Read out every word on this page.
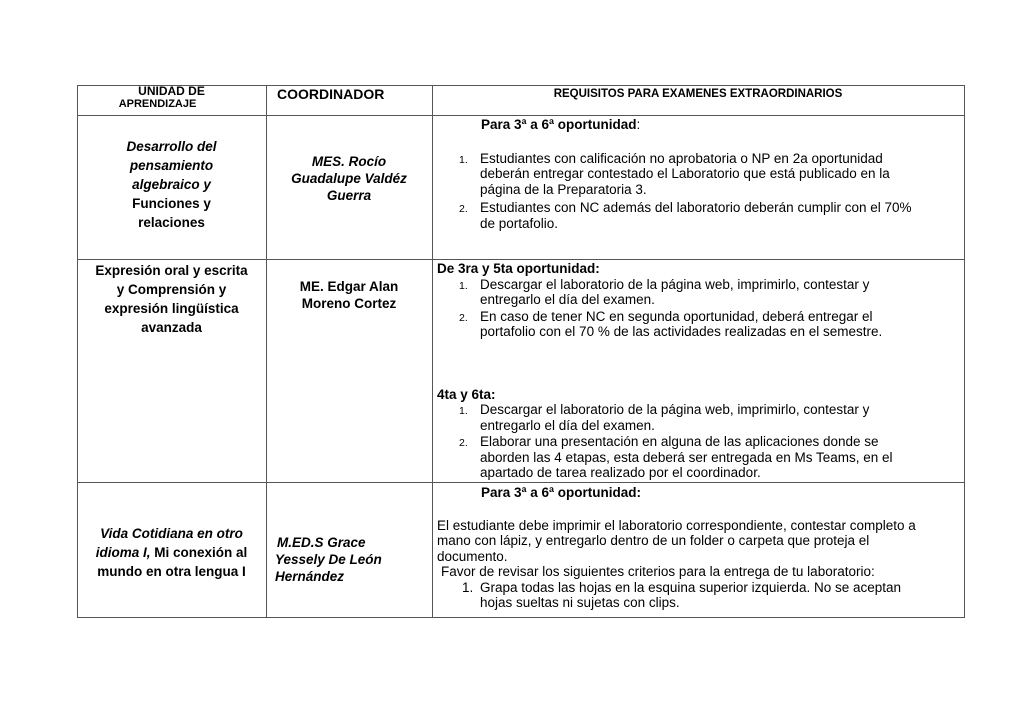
UNIDAD DE
APRENDIZAJE
COORDINADOR	REQUISITOS PARA EXAMENES EXTRAORDINARIOS
Desarrollo del
pensamiento
algebraico y
Funciones y
relaciones
MES. Rocío
Guadalupe Valdéz
Guerra

Para 3ª a 6ª oportunidad:

1. Estudiantes con calificación no aprobatoria o NP en 2a oportunidad
deberán entregar contestado el Laboratorio que está publicado en la
página de la Preparatoria 3.
2. Estudiantes con NC además del laboratorio deberán cumplir con el 70%
de portafolio.
Expresión oral y escrita
y Comprensión y
expresión lingüística
avanzada
ME. Edgar Alan
Moreno Cortez

De 3ra y 5ta oportunidad:

1. Descargar el laboratorio de la página web, imprimirlo, contestar y
entregarlo el día del examen.
2. En caso de tener NC en segunda oportunidad, deberá entregar el
portafolio con el 70 % de las actividades realizadas en el semestre.

4ta y 6ta:

1. Descargar el laboratorio de la página web, imprimirlo, contestar y
entregarlo el día del examen.
2. Elaborar una presentación en alguna de las aplicaciones donde se
aborden las 4 etapas, esta deberá ser entregada en Ms Teams, en el
apartado de tarea realizado por el coordinador.
Vida Cotidiana en otro
idioma I, Mi conexión al
mundo en otra lengua I
M.ED.S Grace
Yessely De León
Hernández

Para 3ª a 6ª oportunidad:

El estudiante debe imprimir el laboratorio correspondiente, contestar completo a
mano con lápiz, y entregarlo dentro de un folder o carpeta que proteja el
documento.

Favor de revisar los siguientes criterios para la entrega de tu laboratorio:

1. Grapa todas las hojas en la esquina superior izquierda. No se aceptan
hojas sueltas ni sujetas con clips.
